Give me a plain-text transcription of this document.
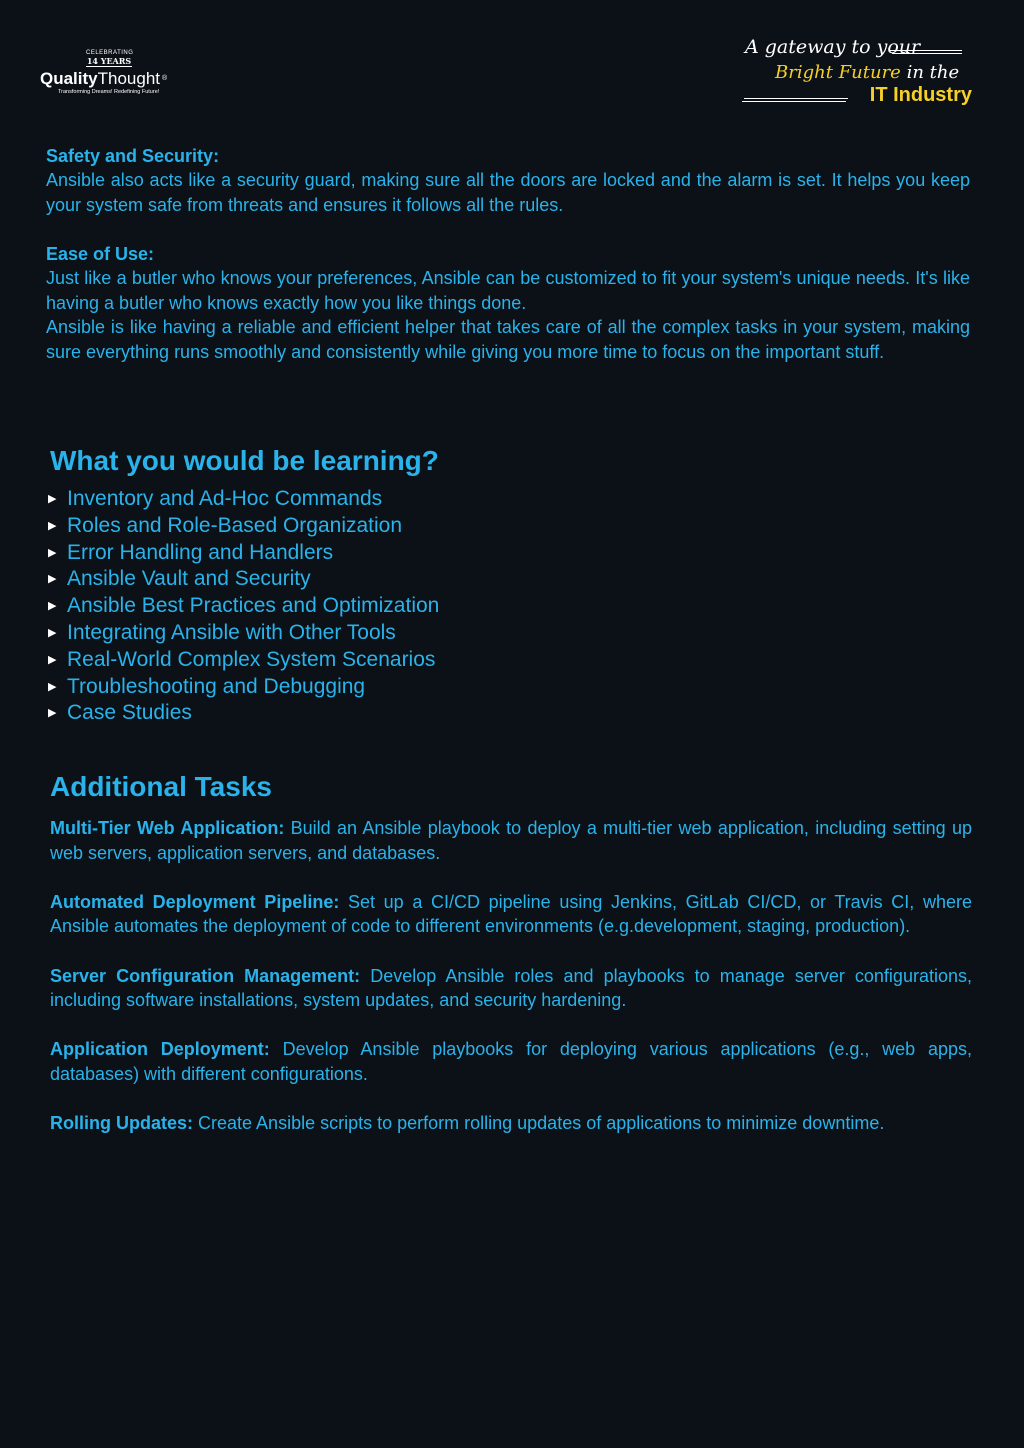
CELEBRATING
14 YEARS
Quality Thought ®
Transforming Dreams! Redefining Future!
A gateway to your
Bright Future in the
IT Industry
Safety and Security:

Ansible also acts like a security guard, making sure all the doors are locked and the alarm is set. It helps you keep your system safe from threats and ensures it follows all the rules.

Ease of Use:

Just like a butler who knows your preferences, Ansible can be customized to fit your system's unique needs. It's like having a butler who knows exactly how you like things done.

Ansible is like having a reliable and efficient helper that takes care of all the complex tasks in your system, making sure everything runs smoothly and consistently while giving you more time to focus on the important stuff.

What you would be learning?
▶ Inventory and Ad-Hoc Commands
▶ Roles and Role-Based Organization
▶ Error Handling and Handlers
▶ Ansible Vault and Security
▶ Ansible Best Practices and Optimization
▶ Integrating Ansible with Other Tools
▶ Real-World Complex System Scenarios
▶ Troubleshooting and Debugging
▶ Case Studies
Additional Tasks
Multi-Tier Web Application: Build an Ansible playbook to deploy a multi-tier web application, including setting up web servers, application servers, and databases.
Automated Deployment Pipeline: Set up a CI/CD pipeline using Jenkins, GitLab CI/CD, or Travis CI, where Ansible automates the deployment of code to different environments (e.g.development, staging, production).
Server Configuration Management: Develop Ansible roles and playbooks to manage server configurations, including software installations, system updates, and security hardening.
Application Deployment: Develop Ansible playbooks for deploying various applications (e.g., web apps, databases) with different configurations.
Rolling Updates: Create Ansible scripts to perform rolling updates of applications to minimize downtime.
